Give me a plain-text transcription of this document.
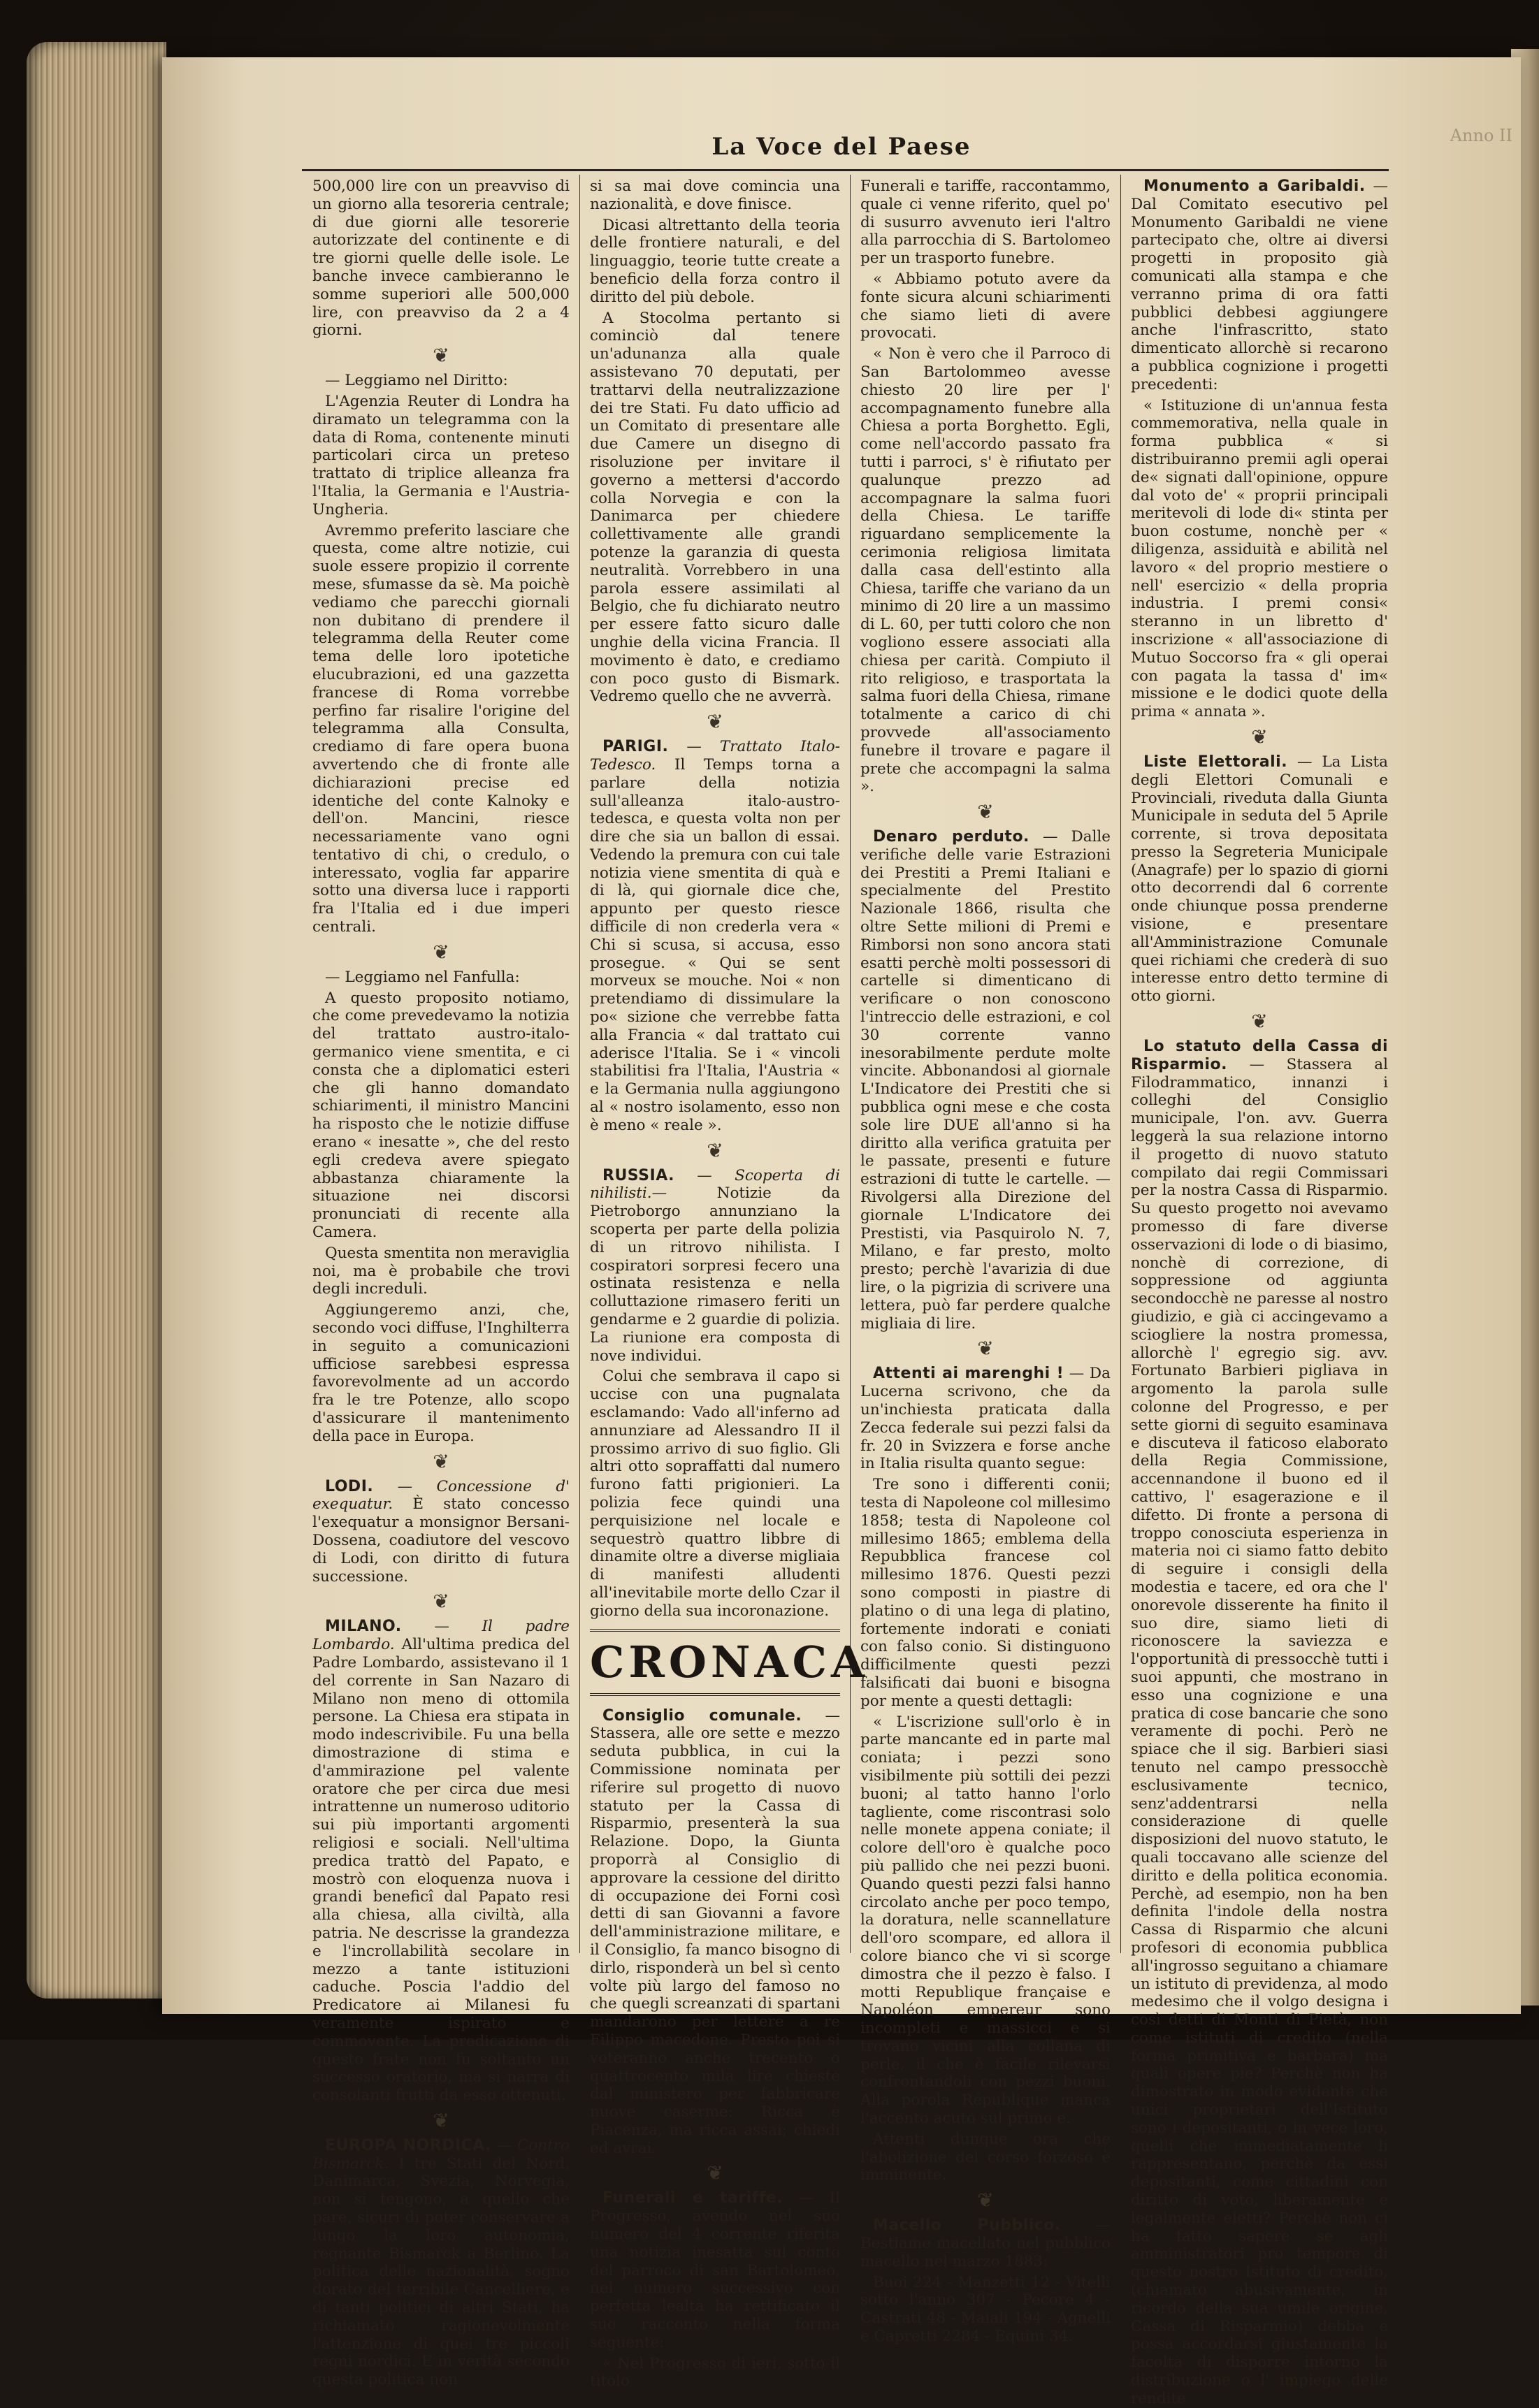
La Voce del Paese	Anno II

500,000 lire con un preavviso di un giorno alla tesoreria centrale; di due giorni alle tesorerie autorizzate del continente e di tre giorni quelle delle isole. Le banche invece cambieranno le somme superiori alle 500,000 lire, con preavviso da 2 a 4 giorni.

❦

— Leggiamo nel Diritto:

L'Agenzia Reuter di Londra ha diramato un telegramma con la data di Roma, contenente minuti particolari circa un preteso trattato di triplice alleanza fra l'Italia, la Germania e l'Austria-Ungheria.

Avremmo preferito lasciare che questa, come altre notizie, cui suole essere propizio il corrente mese, sfumasse da sè. Ma poichè vediamo che parecchi giornali non dubitano di prendere il telegramma della Reuter come tema delle loro ipotetiche elucubrazioni, ed una gazzetta francese di Roma vorrebbe perfino far risalire l'origine del telegramma alla Consulta, crediamo di fare opera buona avvertendo che di fronte alle dichiarazioni precise ed identiche del conte Kalnoky e dell'on. Mancini, riesce necessariamente vano ogni tentativo di chi, o credulo, o interessato, voglia far apparire sotto una diversa luce i rapporti fra l'Italia ed i due imperi centrali.

❦

— Leggiamo nel Fanfulla:

A questo proposito notiamo, che come prevedevamo la notizia del trattato austro-italo-germanico viene smentita, e ci consta che a diplomatici esteri che gli hanno domandato schiarimenti, il ministro Mancini ha risposto che le notizie diffuse erano « inesatte », che del resto egli credeva avere spiegato abbastanza chiaramente la situazione nei discorsi pronunciati di recente alla Camera.

Questa smentita non meraviglia noi, ma è probabile che trovi degli increduli.

Aggiungeremo anzi, che, secondo voci diffuse, l'Inghilterra in seguito a comunicazioni ufficiose sarebbesi espressa favorevolmente ad un accordo fra le tre Potenze, allo scopo d'assicurare il mantenimento della pace in Europa.

❦

LODI. — Concessione d' exequatur. È stato concesso l'exequatur a monsignor Bersani-Dossena, coadiutore del vescovo di Lodi, con diritto di futura successione.

❦

MILANO. — Il padre Lombardo. All'ultima predica del Padre Lombardo, assistevano il 1 del corrente in San Nazaro di Milano non meno di ottomila persone. La Chiesa era stipata in modo indescrivibile. Fu una bella dimostrazione di stima e d'ammirazione pel valente oratore che per circa due mesi intrattenne un numeroso uditorio sui più importanti argomenti religiosi e sociali. Nell'ultima predica trattò del Papato, e mostrò con eloquenza nuova i grandi beneficî dal Papato resi alla chiesa, alla civiltà, alla patria. Ne descrisse la grandezza e l'incrollabilità secolare in mezzo a tante istituzioni caduche. Poscia l'addio del Predicatore ai Milanesi fu veramente ispirato e commovente. La predicazione di questo frate non fu soltanto un successo oratorio, ma si narra di consolanti frutti da esso ottenuti.

❦

EUROPA NORDICA. — Contro Bismarck. I tre Stati del Nord, Danimarca, Svezia, Norvegia, non si tengono, a quello che pare, sicuri di poter conservare a lungo la loro autonomia, regnante Bismarck a Berlino. La politica delle nazionalità, sogno dorato del terribile Cancelliere, e di tanti politici di altri Stati, ha richiamato ragionevolmente l'attenzione di quei tre piccoli regni nordici. E in verità secondo questa politica non

si sa mai dove comincia una nazionalità, e dove finisce.

Dicasi altrettanto della teoria delle frontiere naturali, e del linguaggio, teorie tutte create a beneficio della forza contro il diritto del più debole.

A Stocolma pertanto si cominciò dal tenere un'adunanza alla quale assistevano 70 deputati, per trattarvi della neutralizzazione dei tre Stati. Fu dato ufficio ad un Comitato di presentare alle due Camere un disegno di risoluzione per invitare il governo a mettersi d'accordo colla Norvegia e con la Danimarca per chiedere collettivamente alle grandi potenze la garanzia di questa neutralità. Vorrebbero in una parola essere assimilati al Belgio, che fu dichiarato neutro per essere fatto sicuro dalle unghie della vicina Francia. Il movimento è dato, e crediamo con poco gusto di Bismark. Vedremo quello che ne avverrà.

❦

PARIGI. — Trattato Italo-Tedesco. Il Temps torna a parlare della notizia sull'alleanza italo-austro-tedesca, e questa volta non per dire che sia un ballon di essai. Vedendo la premura con cui tale notizia viene smentita di quà e di là, qui giornale dice che, appunto per questo riesce difficile di non crederla vera « Chi si scusa, si accusa, esso prosegue. « Qui se sent morveux se mouche. Noi « non pretendiamo di dissimulare la po« sizione che verrebbe fatta alla Francia « dal trattato cui aderisce l'Italia. Se i « vincoli stabilitisi fra l'Italia, l'Austria « e la Germania nulla aggiungono al « nostro isolamento, esso non è meno « reale ».

❦

RUSSIA. — Scoperta di nihilisti.—	Notizie da Pietroborgo annunziano la scoperta per parte della polizia di un ritrovo nihilista. I cospiratori sorpresi fecero una ostinata resistenza e nella colluttazione rimasero feriti un gendarme e 2 guardie di polizia. La riunione era composta di nove individui.

Colui che sembrava il capo si uccise con una pugnalata esclamando: Vado all'inferno ad annunziare ad Alessandro II il prossimo arrivo di suo figlio. Gli altri otto sopraffatti dal numero furono fatti prigionieri. La polizia fece quindi una perquisizione nel locale e sequestrò quattro libbre di dinamite oltre a diverse migliaia di manifesti alludenti all'inevitabile morte dello Czar il giorno della sua incoronazione.

CRONACA

Consiglio comunale. — Stassera, alle ore sette e mezzo seduta pubblica, in cui la Commissione nominata per riferire sul progetto di nuovo statuto per la Cassa di Risparmio, presenterà la sua Relazione. Dopo, la Giunta proporrà al Consiglio di approvare la cessione del diritto di occupazione dei Forni così detti di san Giovanni a favore dell'amministrazione militare, e il Consiglio, fa manco bisogno di dirlo, risponderà un bel sì cento volte più largo del famoso no che quegli screanzati di spartani mandarono per lettere a re Filippo macedone. Presto poi si voteranno anche trecento o quattrocento mila lire chieste dal ministero per fabbricare nuove caserme: Ricca è Piacenza, ma ricca assai; chiedi ed avrai.

❦

Funerali e tariffe. — Il Progresso, avendo nel suo numero del 4 corrente riferita una notizia inesatta sul conto del parroco di san Bartolomeo, nel numero successivo con perfetta lealtà ha rettificato il suo racconto nella forma seguente:

« Nel Progresso di ieri, sotto il titolo

Funerali e tariffe, raccontammo, quale ci venne riferito, quel po' di susurro avvenuto ieri l'altro alla parrocchia di S. Bartolomeo per un trasporto funebre.

« Abbiamo potuto avere da fonte sicura alcuni schiarimenti che siamo lieti di avere provocati.

« Non è vero che il Parroco di San Bartolommeo avesse chiesto 20 lire per l' accompagnamento funebre alla Chiesa a porta Borghetto. Egli, come nell'accordo passato fra tutti i parroci, s' è rifiutato per qualunque prezzo ad accompagnare la salma fuori della Chiesa. Le tariffe riguardano semplicemente la cerimonia religiosa limitata dalla casa dell'estinto alla Chiesa, tariffe che variano da un minimo di 20 lire a un massimo di L. 60, per tutti coloro che non vogliono essere associati alla chiesa per carità. Compiuto il rito religioso, e trasportata la salma fuori della Chiesa, rimane totalmente a carico di chi provvede all'associamento funebre il trovare e pagare il prete che accompagni la salma ».

❦

Denaro perduto. — Dalle verifiche delle varie Estrazioni dei Prestiti a Premi Italiani e specialmente del Prestito Nazionale 1866, risulta che oltre Sette milioni di Premi e Rimborsi non sono ancora stati esatti perchè molti possessori di cartelle si dimenticano di verificare o non conoscono l'intreccio delle estrazioni, e col 30 corrente vanno inesorabilmente perdute molte vincite. Abbonandosi al giornale L'Indicatore dei Prestiti che si pubblica ogni mese e che costa sole lire DUE all'anno si ha diritto alla verifica gratuita per le passate, presenti e future estrazioni di tutte le cartelle. — Rivolgersi alla Direzione del giornale L'Indicatore dei Prestisti, via Pasquirolo N. 7, Milano, e far presto, molto presto; perchè l'avarizia di due lire, o la pigrizia di scrivere una lettera, può far perdere qualche migliaia di lire.

❦

Attenti ai marenghi ! — Da Lucerna scrivono, che da un'inchiesta praticata dalla Zecca federale sui pezzi falsi da fr. 20 in Svizzera e forse anche in Italia risulta quanto segue:

Tre sono i differenti conii; testa di Napoleone col millesimo 1858; testa di Napoleone col millesimo 1865; emblema della Repubblica francese col millesimo 1876. Questi pezzi sono composti in piastre di platino o di una lega di platino, fortemente indorati e coniati con falso conio. Si distinguono difficilmente questi pezzi falsificati dai buoni e bisogna por mente a questi dettagli:

« L'iscrizione sull'orlo è in parte mancante ed in parte mal coniata; i pezzi sono visibilmente più sottili dei pezzi buoni; al tatto hanno l'orlo tagliente, come riscontrasi solo nelle monete appena coniate; il colore dell'oro è qualche poco più pallido che nei pezzi buoni. Quando questi pezzi falsi hanno circolato anche per poco tempo, la doratura, nelle scannellature dell'oro scompare, ed allora il colore bianco che vi si scorge dimostra che il pezzo è falso. I motti Republique française e Napoléon empereur sono incompleti e massicci e si trovano vicini alla collana di perle, il che è facile rilevarsi confrontandoli con pezzi buoni. Alla porola République manca l'accento acuto sul primo e.

Attenti dunque ora che l'abolizione del corso forzoso è imminente.

❦

Macello Pubblico. — Bestiame macellato nel pubblico macello nel marzo 1883:

Buoi 224 - Manzetti 12 - Vitelli sotto l'anno 307 - Pecore 4 - Castrati 48 - Maiali 194 - Agnelli e Capretti 2284 - Equini 34.

Monumento a Garibaldi. — Dal Comitato esecutivo pel Monumento Garibaldi ne viene partecipato che, oltre ai diversi progetti in proposito già comunicati alla stampa e che verranno prima di ora fatti pubblici debbesi aggiungere anche l'infrascritto, stato dimenticato allorchè si recarono a pubblica cognizione i progetti precedenti:

« Istituzione di un'annua festa commemorativa, nella quale in forma pubblica « si distribuiranno premii agli operai de« signati dall'opinione, oppure dal voto de' « proprii principali meritevoli di lode di« stinta per buon costume, nonchè per « diligenza, assiduità e abilità nel lavoro « del proprio mestiere o nell' esercizio « della propria industria. I premi consi« steranno in un libretto d' inscrizione « all'associazione di Mutuo Soccorso fra « gli operai con pagata la tassa d' im« missione e le dodici quote della prima « annata ».

❦

Liste Elettorali. — La Lista degli Elettori Comunali e Provinciali, riveduta dalla Giunta Municipale in seduta del 5 Aprile corrente, si trova depositata presso la Segreteria Municipale (Anagrafe) per lo spazio di giorni otto decorrendi dal 6 corrente onde chiunque possa prenderne visione, e presentare all'Amministrazione Comunale quei richiami che crederà di suo interesse entro detto termine di otto giorni.

❦

Lo statuto della Cassa di Risparmio. — Stassera al Filodrammatico, innanzi i colleghi del Consiglio municipale, l'on. avv. Guerra leggerà la sua relazione intorno il progetto di nuovo statuto compilato dai regii Commissari per la nostra Cassa di Risparmio. Su questo progetto noi avevamo promesso di fare diverse osservazioni di lode o di biasimo, nonchè di correzione, di soppressione od aggiunta secondocchè ne paresse al nostro giudizio, e già ci accingevamo a sciogliere la nostra promessa, allorchè l' egregio sig. avv. Fortunato Barbieri pigliava in argomento la parola sulle colonne del Progresso, e per sette giorni di seguito esaminava e discuteva il faticoso elaborato della Regia Commissione, accennandone il buono ed il cattivo, l' esagerazione e il difetto. Di fronte a persona di troppo conosciuta esperienza in materia noi ci siamo fatto debito di seguire i consigli della modestia e tacere, ed ora che l' onorevole disserente ha finito il suo dire, siamo lieti di riconoscere la saviezza e l'opportunità di pressocchè tutti i suoi appunti, che mostrano in esso una cognizione e una pratica di cose bancarie che sono veramente di pochi. Però ne spiace che il sig. Barbieri siasi tenuto nel campo pressocchè esclusivamente tecnico, senz'addentrarsi nella considerazione di quelle disposizioni del nuovo statuto, le quali toccavano alle scienze del diritto e della politica economia. Perchè, ad esempio, non ha ben definita l'indole della nostra Cassa di Risparmio che alcuni profesori di economia pubblica all'ingrosso seguitano a chiamare un istituto di previdenza, al modo medesimo che il volgo designa i così detti di Monti di Pietà, non come istituti di credito (nella forma primitiva e barbara) ma quali opere pie? Perchè non ha dimostrato in modo evidente che unici proprietari dell'Istituto sono i depositanti, o in vece loro, quelli che immediatamente li rappresentano, perchè da essi depositanti, come cittadini con diritto di voto, liberamente e legalmente eletti? Perchè non ci ha fatto sapere se agli amministratori pro tempore di questo nostro Istituto di credito, (chiamato abusivamente, in ricordo della sua umile origine, Cassa di Risparmio) debba e possa accordarsi giustamente la facoltà di disporre intorno la distribuzione o l' impiego delle rendite
